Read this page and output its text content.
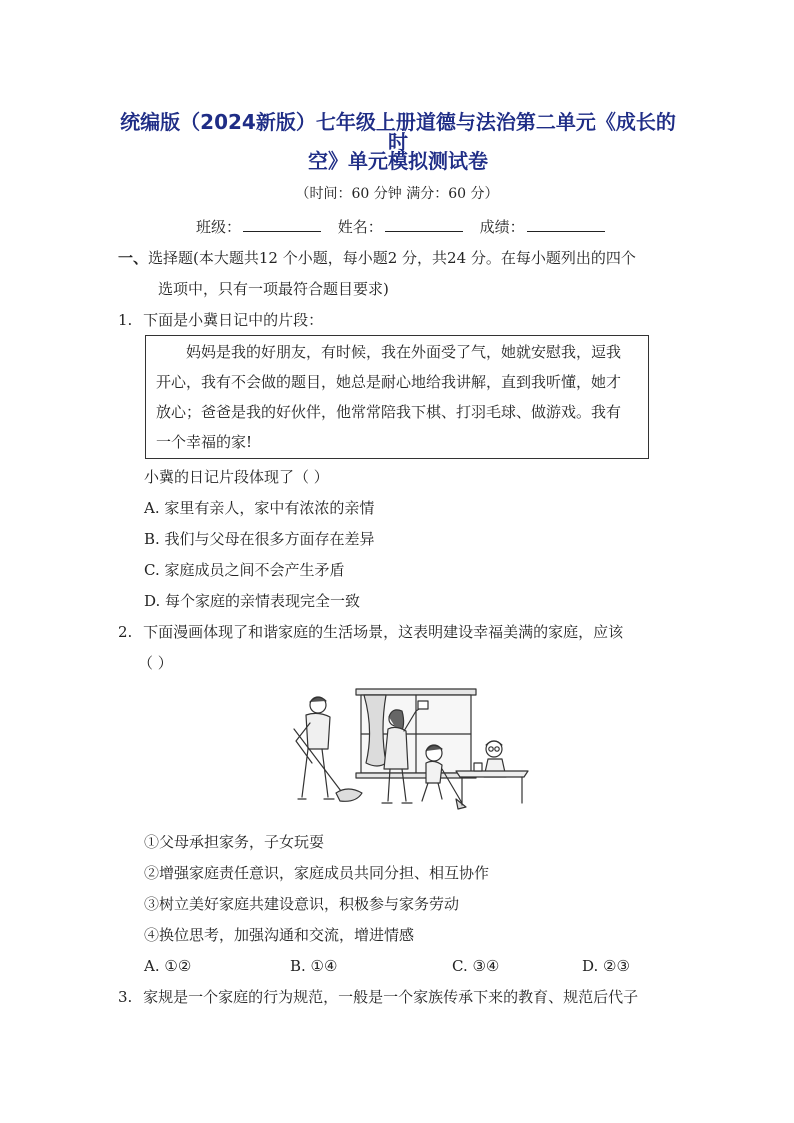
统编版（2024新版）七年级上册道德与法治第二单元《成长的时
空》单元模拟测试卷
（时间：60 分钟 满分：60 分）
班级：	姓名：	成绩：
一、选择题(本大题共12 个小题，每小题2 分，共24 分。在每小题列出的四个
选项中，只有一项最符合题目要求)
1. 下面是小冀日记中的片段：
妈妈是我的好朋友，有时候，我在外面受了气，她就安慰我，逗我
开心，我有不会做的题目，她总是耐心地给我讲解，直到我听懂，她才
放心；爸爸是我的好伙伴，他常常陪我下棋、打羽毛球、做游戏。我有
一个幸福的家!
小冀的日记片段体现了（ ）
A. 家里有亲人，家中有浓浓的亲情
B. 我们与父母在很多方面存在差异
C. 家庭成员之间不会产生矛盾
D. 每个家庭的亲情表现完全一致
2. 下面漫画体现了和谐家庭的生活场景，这表明建设幸福美满的家庭，应该
（ ）
①父母承担家务，子女玩耍
②增强家庭责任意识，家庭成员共同分担、相互协作
③树立美好家庭共建设意识，积极参与家务劳动
④换位思考，加强沟通和交流，增进情感
A. ①②	B. ①④	C. ③④	D. ②③
3. 家规是一个家庭的行为规范，一般是一个家族传承下来的教育、规范后代子
